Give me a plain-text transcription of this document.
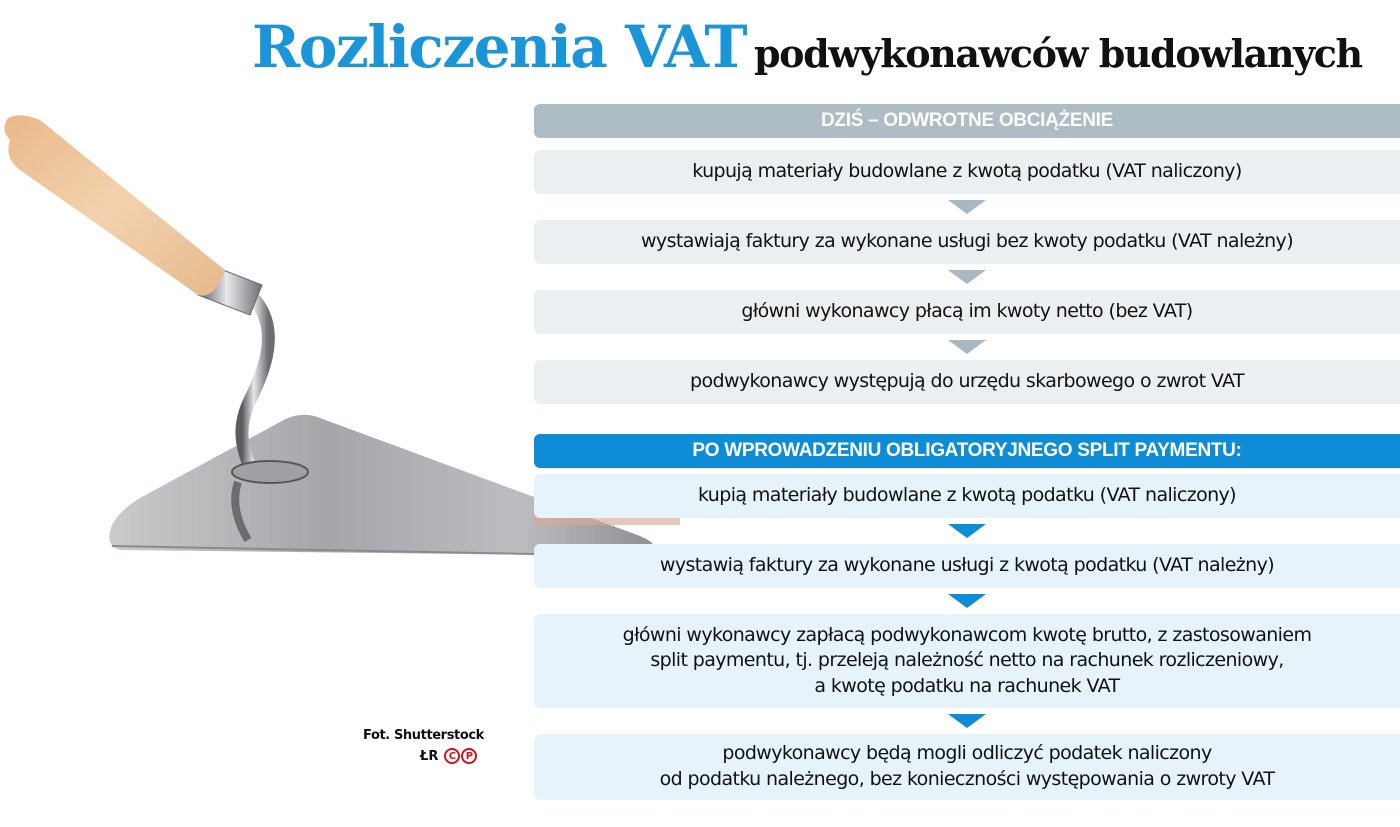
Rozliczenia VAT podwykonawców budowlanych
DZIŚ – ODWROTNE OBCIĄŻENIE
kupują materiały budowlane z kwotą podatku (VAT naliczony)
wystawiają faktury za wykonane usługi bez kwoty podatku (VAT należny)
główni wykonawcy płacą im kwoty netto (bez VAT)
podwykonawcy występują do urzędu skarbowego o zwrot VAT
PO WPROWADZENIU OBLIGATORYJNEGO SPLIT PAYMENTU:
kupią materiały budowlane z kwotą podatku (VAT naliczony)
wystawią faktury za wykonane usługi z kwotą podatku (VAT należny)
główni wykonawcy zapłacą podwykonawcom kwotę brutto, z zastosowaniem
split paymentu, tj. przeleją należność netto na rachunek rozliczeniowy,
a kwotę podatku na rachunek VAT
podwykonawcy będą mogli odliczyć podatek naliczony
od podatku należnego, bez konieczności występowania o zwroty VAT
Fot. Shutterstock
ŁR	C P
